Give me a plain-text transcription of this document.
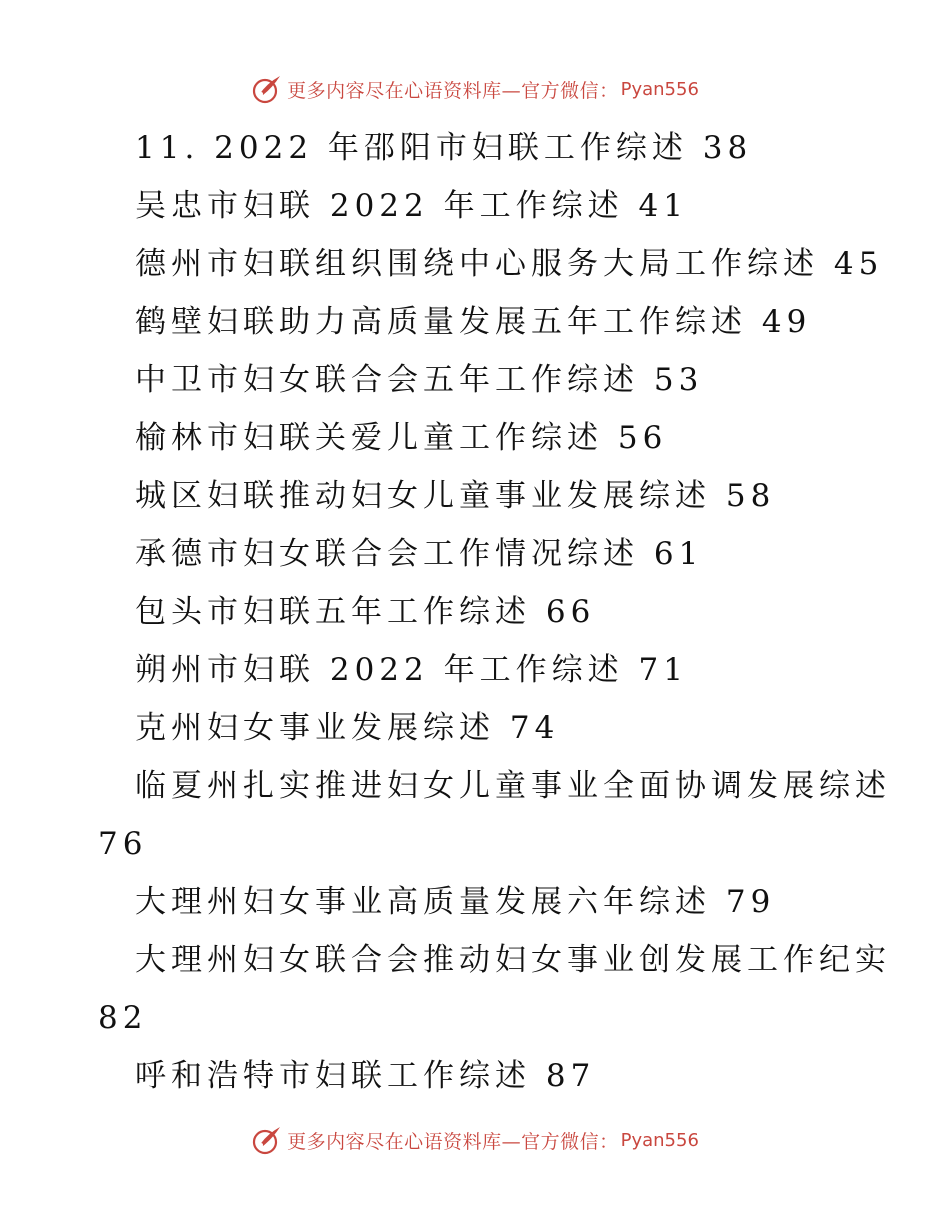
更多内容尽在心语资料库—官方微信： Pyan556
11. 2022 年邵阳市妇联工作综述 38
吴忠市妇联 2022 年工作综述 41
德州市妇联组织围绕中心服务大局工作综述 45
鹤壁妇联助力高质量发展五年工作综述 49
中卫市妇女联合会五年工作综述 53
榆林市妇联关爱儿童工作综述 56
城区妇联推动妇女儿童事业发展综述 58
承德市妇女联合会工作情况综述 61
包头市妇联五年工作综述 66
朔州市妇联 2022 年工作综述 71
克州妇女事业发展综述 74
临夏州扎实推进妇女儿童事业全面协调发展综述
76
大理州妇女事业高质量发展六年综述 79
大理州妇女联合会推动妇女事业创发展工作纪实
82
呼和浩特市妇联工作综述 87
更多内容尽在心语资料库—官方微信： Pyan556
